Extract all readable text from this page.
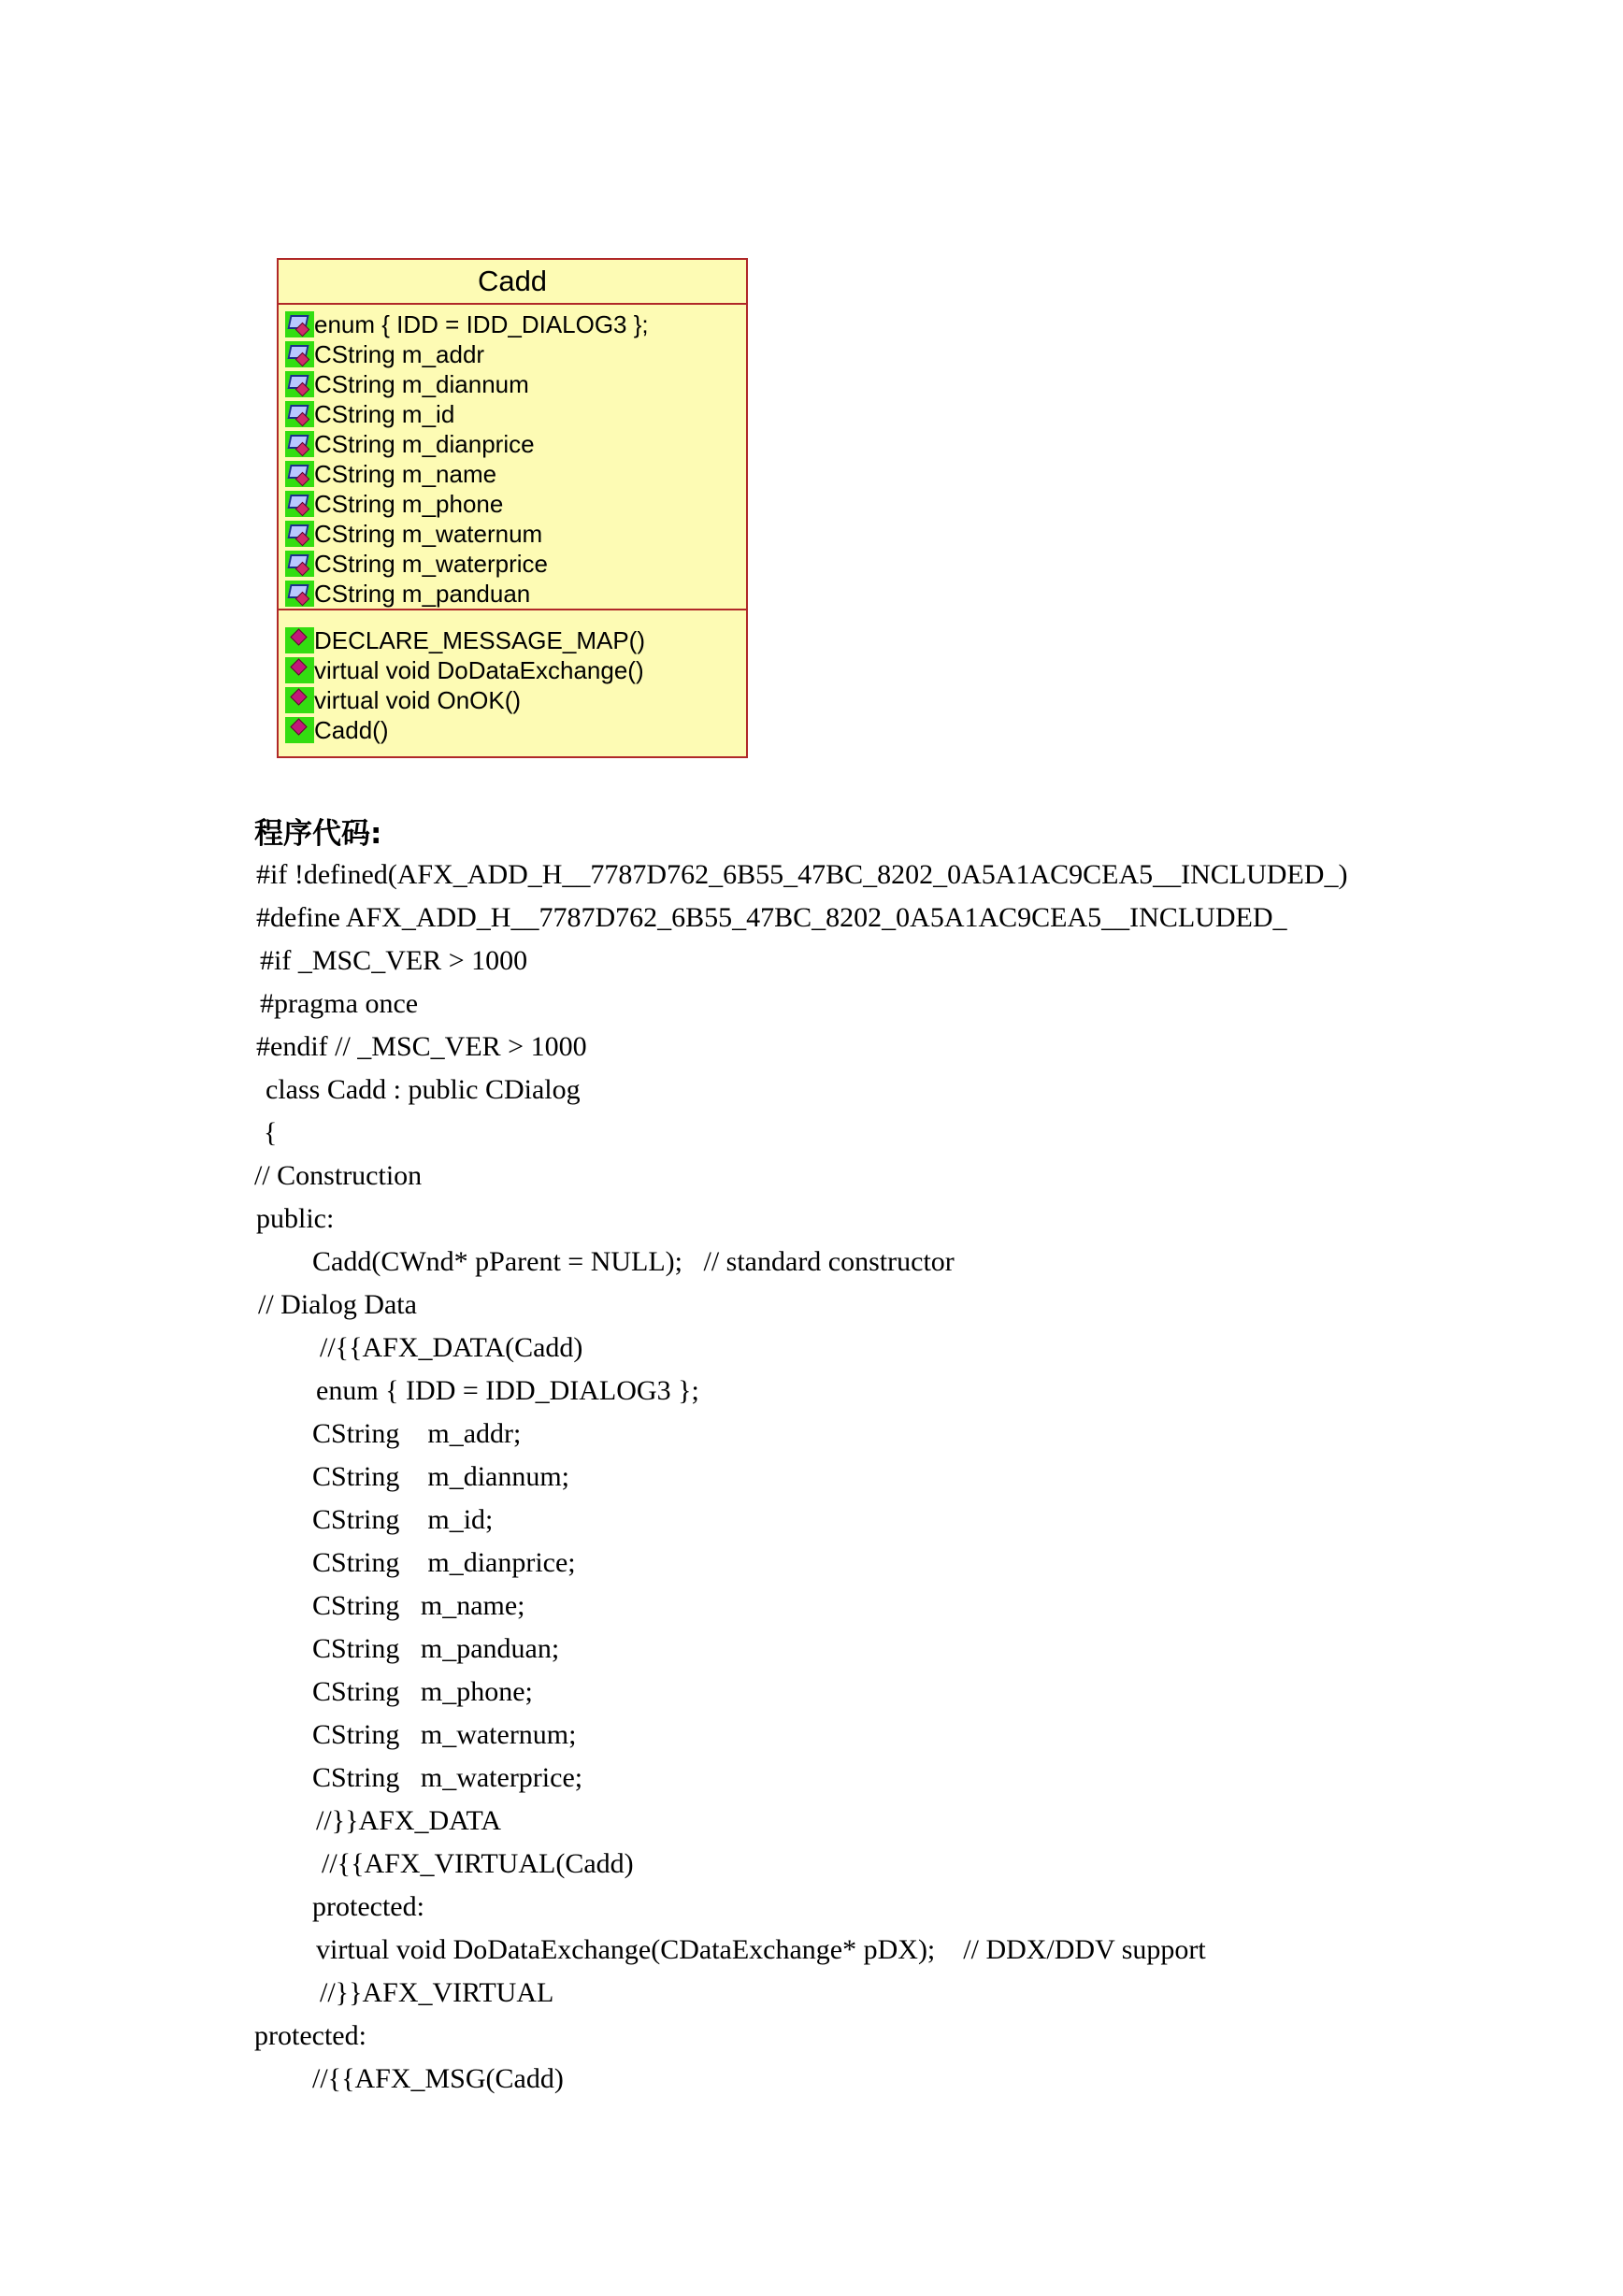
Cadd
enum { IDD = IDD_DIALOG3 };
CString m_addr
CString m_diannum
CString m_id
CString m_dianprice
CString m_name
CString m_phone
CString m_waternum
CString m_waterprice
CString m_panduan
DECLARE_MESSAGE_MAP()
virtual void DoDataExchange()
virtual void OnOK()
Cadd()
程序代码:
#if !defined(AFX_ADD_H__7787D762_6B55_47BC_8202_0A5A1AC9CEA5__INCLUDED_)
#define AFX_ADD_H__7787D762_6B55_47BC_8202_0A5A1AC9CEA5__INCLUDED_
#if _MSC_VER > 1000
#pragma once
#endif // _MSC_VER > 1000
class Cadd : public CDialog
{
// Construction
public:
Cadd(CWnd* pParent = NULL);   // standard constructor
// Dialog Data
//{{AFX_DATA(Cadd)
enum { IDD = IDD_DIALOG3 };
CString    m_addr;
CString    m_diannum;
CString    m_id;
CString    m_dianprice;
CString   m_name;
CString   m_panduan;
CString   m_phone;
CString   m_waternum;
CString   m_waterprice;
//}}AFX_DATA
//{{AFX_VIRTUAL(Cadd)
protected:
virtual void DoDataExchange(CDataExchange* pDX);    // DDX/DDV support
//}}AFX_VIRTUAL
protected:
//{{AFX_MSG(Cadd)
